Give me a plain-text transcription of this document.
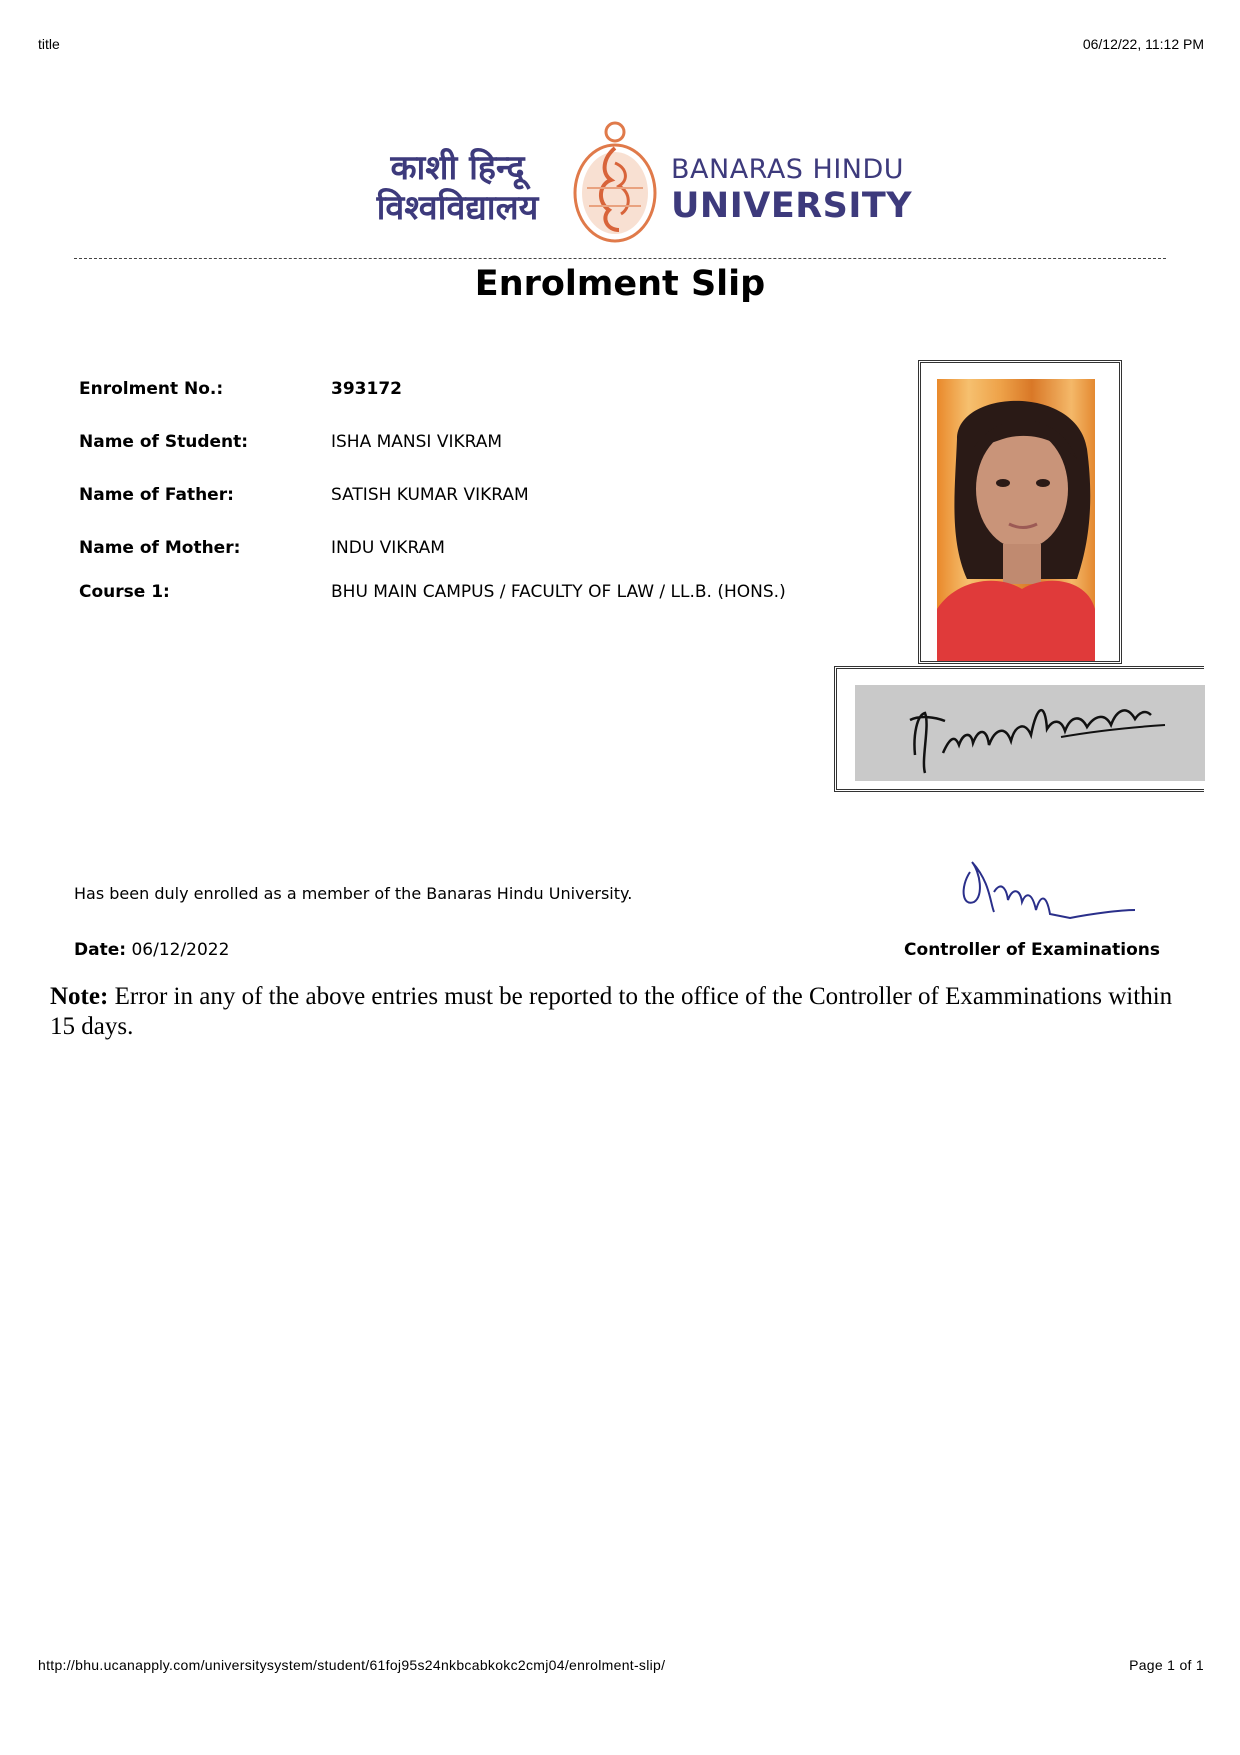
title	06/12/22, 11:12 PM
काशी हिन्दू
विश्वविद्यालय
BANARAS HINDU
UNIVERSITY
Enrolment Slip
Enrolment No.:	393172
Name of Student:	ISHA MANSI VIKRAM
Name of Father:	SATISH KUMAR VIKRAM
Name of Mother:	INDU VIKRAM
Course 1:	BHU MAIN CAMPUS / FACULTY OF LAW / LL.B. (HONS.)
Has been duly enrolled as a member of the Banaras Hindu University.
Date: 06/12/2022	Controller of Examinations
Note: Error in any of the above entries must be reported to the office of the Controller of Examminations within 15 days.
http://bhu.ucanapply.com/universitysystem/student/61foj95s24nkbcabkokc2cmj04/enrolment-slip/	Page 1 of 1
